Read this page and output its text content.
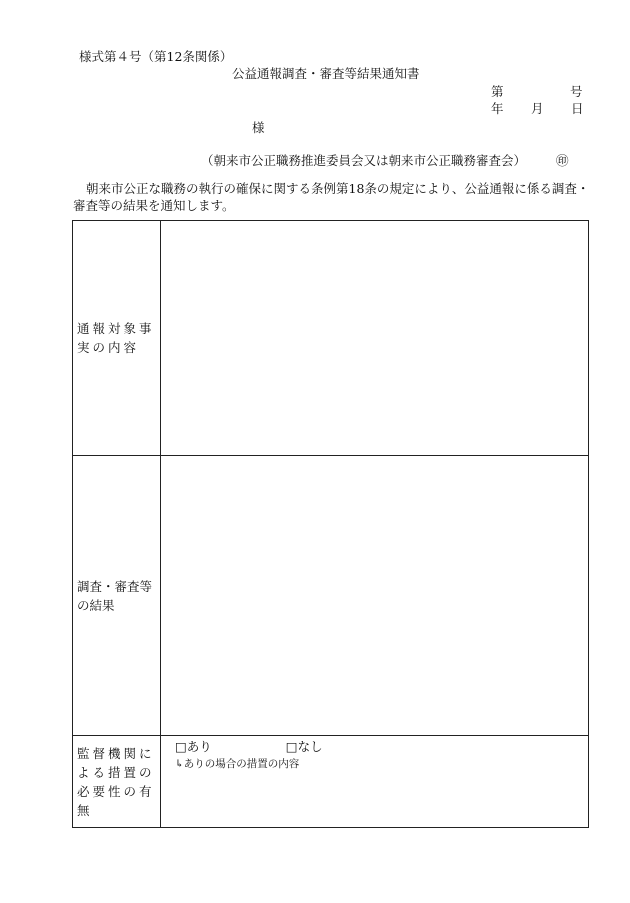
様式第４号（第12条関係）
公益通報調査・審査等結果通知書
第	号
年 月 日
様
（朝来市公正職務推進委員会又は朝来市公正職務審査会） ㊞
朝来市公正な職務の執行の確保に関する条例第18条の規定により、公益通報に係る調査・審査等の結果を通知します。
通報対象事実の内容	
調査・審査等の結果	
監督機関による措置の必要性の有無	□あり □なし
↳ありの場合の措置の内容
